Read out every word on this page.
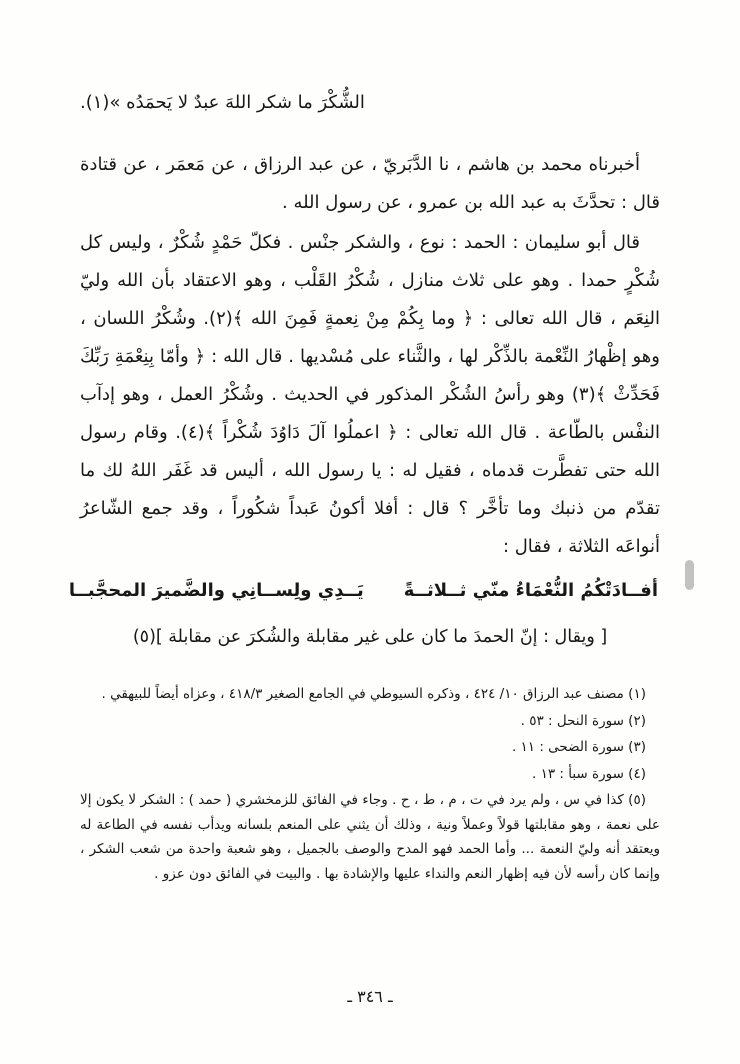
الشُّكْرَ ما شكر اللهَ عبدٌ لا يَحمَدُه »(١).

أخبرناه محمد بن هاشم ، نا الدَّبَريّ ، عن عبد الرزاق ، عن مَعمَر ، عن قتادة قال : تحدَّثَ به عبد الله بن عمرو ، عن رسول الله .

قال أبو سليمان : الحمد : نوع ، والشكر جنْس . فكلّ حَمْدٍ شُكْرٌ ، وليس كل شُكْرٍ حمدا . وهو على ثلاث منازل ، شُكْرُ القَلْب ، وهو الاعتقاد بأن الله وليّ النِعَم ، قال الله تعالى : ﴿ وما بِكُمْ مِنْ نِعمةٍ فَمِنَ الله ﴾(٢). وشُكْرُ اللسان ، وهو إظْهارُ النِّعْمة بالذِّكْر لها ، والثَّناء على مُسْديها . قال الله : ﴿ وأمّا بِنِعْمَةِ رَبِّكَ فَحَدِّثْ ﴾(٣) وهو رأسُ الشُكْر المذكور في الحديث . وشُكْرُ العمل ، وهو إدآب النفْس بالطّاعة . قال الله تعالى : ﴿ اعملُوا آلَ دَاوُدَ شُكْراً ﴾(٤). وقام رسول الله حتى تفطَّرت قدماه ، فقيل له : يا رسول الله ، أليس قد غَفَر اللهُ لك ما تقدّم من ذنبك وما تأخَّر ؟ قال : أفلا أكونُ عَبداً شكُوراً ، وقد جمع الشّاعرُ أنواعَه الثلاثة ، فقال :

أفــادَتْكُمُ النُّعْمَاءُ منّي ثــلاثــةً
يَــدِي ولِســانِي والضَّميرَ المحجَّبــا

[ ويقال : إنّ الحمدَ ما كان على غير مقابلة والشُكرَ عن مقابلة ](٥)

(١) مصنف عبد الرزاق ١٠/ ٤٢٤ ، وذكره السيوطي في الجامع الصغير ٤١٨/٣ ، وعزاه أيضاً للبيهقي .

(٢) سورة النحل : ٥٣ .

(٣) سورة الضحى : ١١ .

(٤) سورة سبأ : ١٣ .

(٥) كذا في س ، ولم يرد في ت ، م ، ط ، ح . وجاء في الفائق للزمخشري ( حمد ) : الشكر لا يكون إلا على نعمة ، وهو مقابلتها قولاً وعملاً ونية ، وذلك أن يثني على المنعم بلسانه ويدأب نفسه في الطاعة له ويعتقد أنه وليّ النعمة ... وأما الحمد فهو المدح والوصف بالجميل ، وهو شعبة واحدة من شعب الشكر ، وإنما كان رأسه لأن فيه إظهار النعم والنداء عليها والإشادة بها . والبيت في الفائق دون عزو .

ـ ٣٤٦ ـ
